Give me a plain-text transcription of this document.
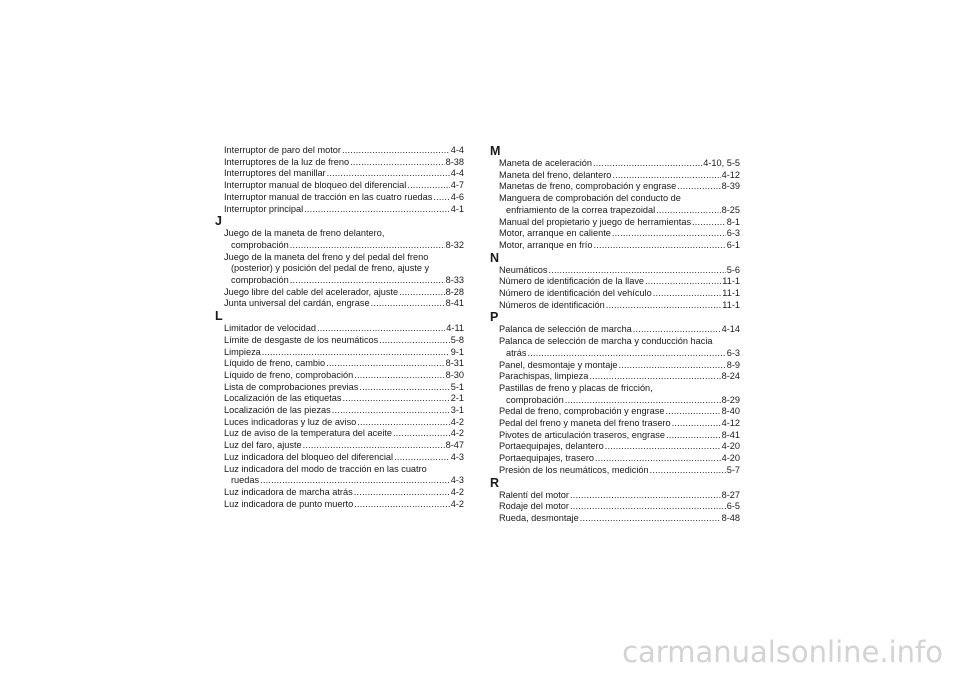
Interruptor de paro del motor .....	4-4
Interruptores de la luz de freno .....	8-38
Interruptores del manillar .....	4-4
Interruptor manual de bloqueo del diferencial .....	4-7
Interruptor manual de tracción en las cuatro ruedas ..... 4-6
Interruptor principal .....	4-1
J
Juego de la maneta de freno delantero,
comprobación .....	8-32
Juego de la maneta del freno y del pedal del freno
(posterior) y posición del pedal de freno, ajuste y
comprobación .....	8-33
Juego libre del cable del acelerador, ajuste .....	8-28
Junta universal del cardán, engrase .....	8-41
L
Limitador de velocidad .....	4-11
Límite de desgaste de los neumáticos .....	5-8
Limpieza .....	9-1
Líquido de freno, cambio .....	8-31
Líquido de freno, comprobación .....	8-30
Lista de comprobaciones previas .....	5-1
Localización de las etiquetas .....	2-1
Localización de las piezas .....	3-1
Luces indicadoras y luz de aviso .....	4-2
Luz de aviso de la temperatura del aceite .....	4-2
Luz del faro, ajuste .....	8-47
Luz indicadora del bloqueo del diferencial .....	4-3
Luz indicadora del modo de tracción en las cuatro
ruedas .....	4-3
Luz indicadora de marcha atrás .....	4-2
Luz indicadora de punto muerto .....	4-2
M
Maneta de aceleración .....	4-10, 5-5
Maneta del freno, delantero .....	4-12
Manetas de freno, comprobación y engrase .....	8-39
Manguera de comprobación del conducto de
enfriamiento de la correa trapezoidal .....	8-25
Manual del propietario y juego de herramientas .....	8-1
Motor, arranque en caliente .....	6-3
Motor, arranque en frío .....	6-1
N
Neumáticos .....	5-6
Número de identificación de la llave .....	11-1
Número de identificación del vehículo .....	11-1
Números de identificación .....	11-1
P
Palanca de selección de marcha .....	4-14
Palanca de selección de marcha y conducción hacia
atrás .....	6-3
Panel, desmontaje y montaje .....	8-9
Parachispas, limpieza .....	8-24
Pastillas de freno y placas de fricción,
comprobación .....	8-29
Pedal de freno, comprobación y engrase .....	8-40
Pedal del freno y maneta del freno trasero .....	4-12
Pivotes de articulación traseros, engrase .....	8-41
Portaequipajes, delantero .....	4-20
Portaequipajes, trasero .....	4-20
Presión de los neumáticos, medición .....	5-7
R
Ralentí del motor .....	8-27
Rodaje del motor .....	6-5
Rueda, desmontaje .....	8-48
carmanualsonline.info
